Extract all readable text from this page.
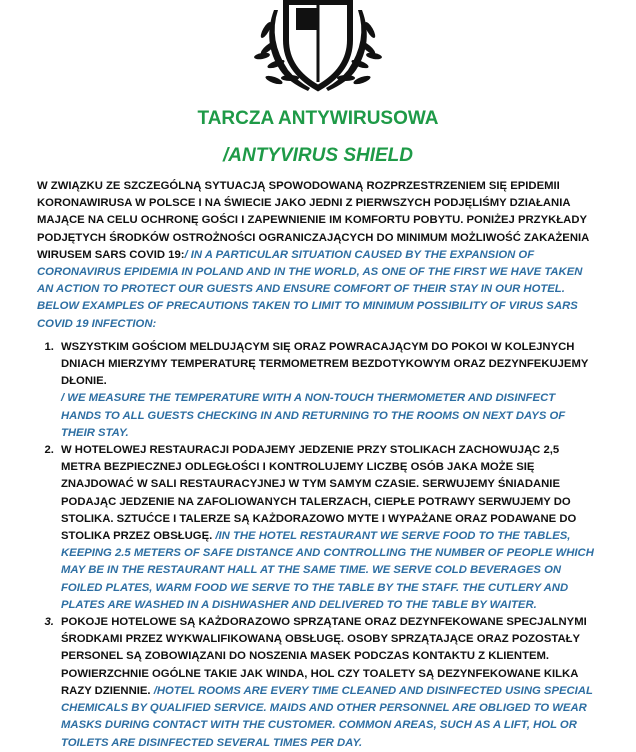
TARCZA ANTYWIRUSOWA
/ANTYVIRUS SHIELD
W ZWIĄZKU ZE SZCZEGÓLNĄ SYTUACJĄ SPOWODOWANĄ ROZPRZESTRZENIEM SIĘ EPIDEMII KORONAWIRUSA W POLSCE I NA ŚWIECIE JAKO JEDNI Z PIERWSZYCH PODJĘLIŚMY DZIAŁANIA MAJĄCE NA CELU OCHRONĘ GOŚCI I ZAPEWNIENIE IM KOMFORTU POBYTU. PONIŻEJ PRZYKŁADY PODJĘTYCH ŚRODKÓW OSTROŻNOŚCI OGRANICZAJĄCYCH DO MINIMUM MOŻLIWOŚĆ ZAKAŻENIA WIRUSEM SARS COVID 19:/ IN A PARTICULAR SITUATION CAUSED BY THE EXPANSION OF CORONAVIRUS EPIDEMIA IN POLAND AND IN THE WORLD, AS ONE OF THE FIRST WE HAVE TAKEN AN ACTION TO PROTECT OUR GUESTS AND ENSURE COMFORT OF THEIR STAY IN OUR HOTEL. BELOW EXAMPLES OF PRECAUTIONS TAKEN TO LIMIT TO MINIMUM POSSIBILITY OF VIRUS SARS COVID 19 INFECTION:
1. WSZYSTKIM GOŚCIOM MELDUJĄCYM SIĘ ORAZ POWRACAJĄCYM DO POKOI W KOLEJNYCH DNIACH MIERZYMY TEMPERATURĘ TERMOMETREM BEZDOTYKOWYM ORAZ DEZYNFEKUJEMY DŁONIE.
/ WE MEASURE THE TEMPERATURE WITH A NON-TOUCH THERMOMETER AND DISINFECT HANDS TO ALL GUESTS CHECKING IN AND RETURNING TO THE ROOMS ON NEXT DAYS OF THEIR STAY.
2. W HOTELOWEJ RESTAURACJI PODAJEMY JEDZENIE PRZY STOLIKACH ZACHOWUJĄC 2,5 METRA BEZPIECZNEJ ODLEGŁOŚCI I KONTROLUJEMY LICZBĘ OSÓB JAKA MOŻE SIĘ ZNAJDOWAĆ W SALI RESTAURACYJNEJ W TYM SAMYM CZASIE. SERWUJEMY ŚNIADANIE PODAJĄC JEDZENIE NA ZAFOLIOWANYCH TALERZACH, CIEPŁE POTRAWY SERWUJEMY DO STOLIKA. SZTUĆCE I TALERZE SĄ KAŻDORAZOWO MYTE I WYPAŻANE ORAZ PODAWANE DO STOLIKA PRZEZ OBSŁUGĘ. /IN THE HOTEL RESTAURANT WE SERVE FOOD TO THE TABLES, KEEPING 2.5 METERS OF SAFE DISTANCE AND CONTROLLING THE NUMBER OF PEOPLE WHICH MAY BE IN THE RESTAURANT HALL AT THE SAME TIME. WE SERVE COLD BEVERAGES ON FOILED PLATES, WARM FOOD WE SERVE TO THE TABLE BY THE STAFF. THE CUTLERY AND PLATES ARE WASHED IN A DISHWASHER AND DELIVERED TO THE TABLE BY WAITER.
3. POKOJE HOTELOWE SĄ KAŻDORAZOWO SPRZĄTANE ORAZ DEZYNFEKOWANE SPECJALNYMI ŚRODKAMI PRZEZ WYKWALIFIKOWANĄ OBSŁUGĘ. OSOBY SPRZĄTAJĄCE ORAZ POZOSTAŁY PERSONEL SĄ ZOBOWIĄZANI DO NOSZENIA MASEK PODCZAS KONTAKTU Z KLIENTEM. POWIERZCHNIE OGÓLNE TAKIE JAK WINDA, HOL CZY TOALETY SĄ DEZYNFEKOWANE KILKA RAZY DZIENNIE. /HOTEL ROOMS ARE EVERY TIME CLEANED AND DISINFECTED USING SPECIAL CHEMICALS BY QUALIFIED SERVICE. MAIDS AND OTHER PERSONNEL ARE OBLIGED TO WEAR MASKS DURING CONTACT WITH THE CUSTOMER. COMMON AREAS, SUCH AS A LIFT, HOL OR TOILETS ARE DISINFECTED SEVERAL TIMES PER DAY.
